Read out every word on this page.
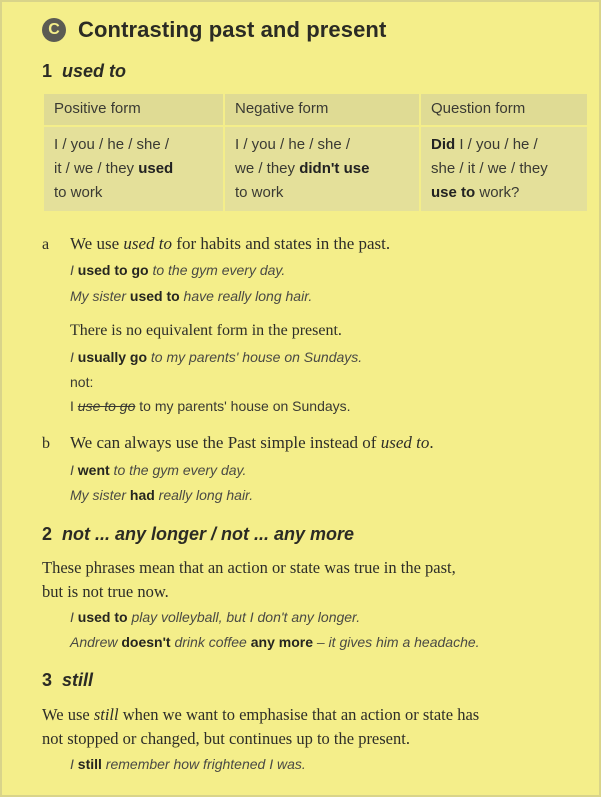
C Contrasting past and present
1 used to
Positive form	Negative form	Question form
I / you / he / she /
it / we / they used
to work	I / you / he / she /
we / they didn't use
to work	Did I / you / he /
she / it / we / they
use to work?
a We use used to for habits and states in the past.
I used to go to the gym every day.
My sister used to have really long hair.
There is no equivalent form in the present.
I usually go to my parents' house on Sundays.
not:
I use to go to my parents' house on Sundays.
b We can always use the Past simple instead of used to.
I went to the gym every day.
My sister had really long hair.
2 not ... any longer / not ... any more
These phrases mean that an action or state was true in the past,
but is not true now.
I used to play volleyball, but I don't any longer.
Andrew doesn't drink coffee any more – it gives him a headache.
3 still
We use still when we want to emphasise that an action or state has
not stopped or changed, but continues up to the present.
I still remember how frightened I was.
